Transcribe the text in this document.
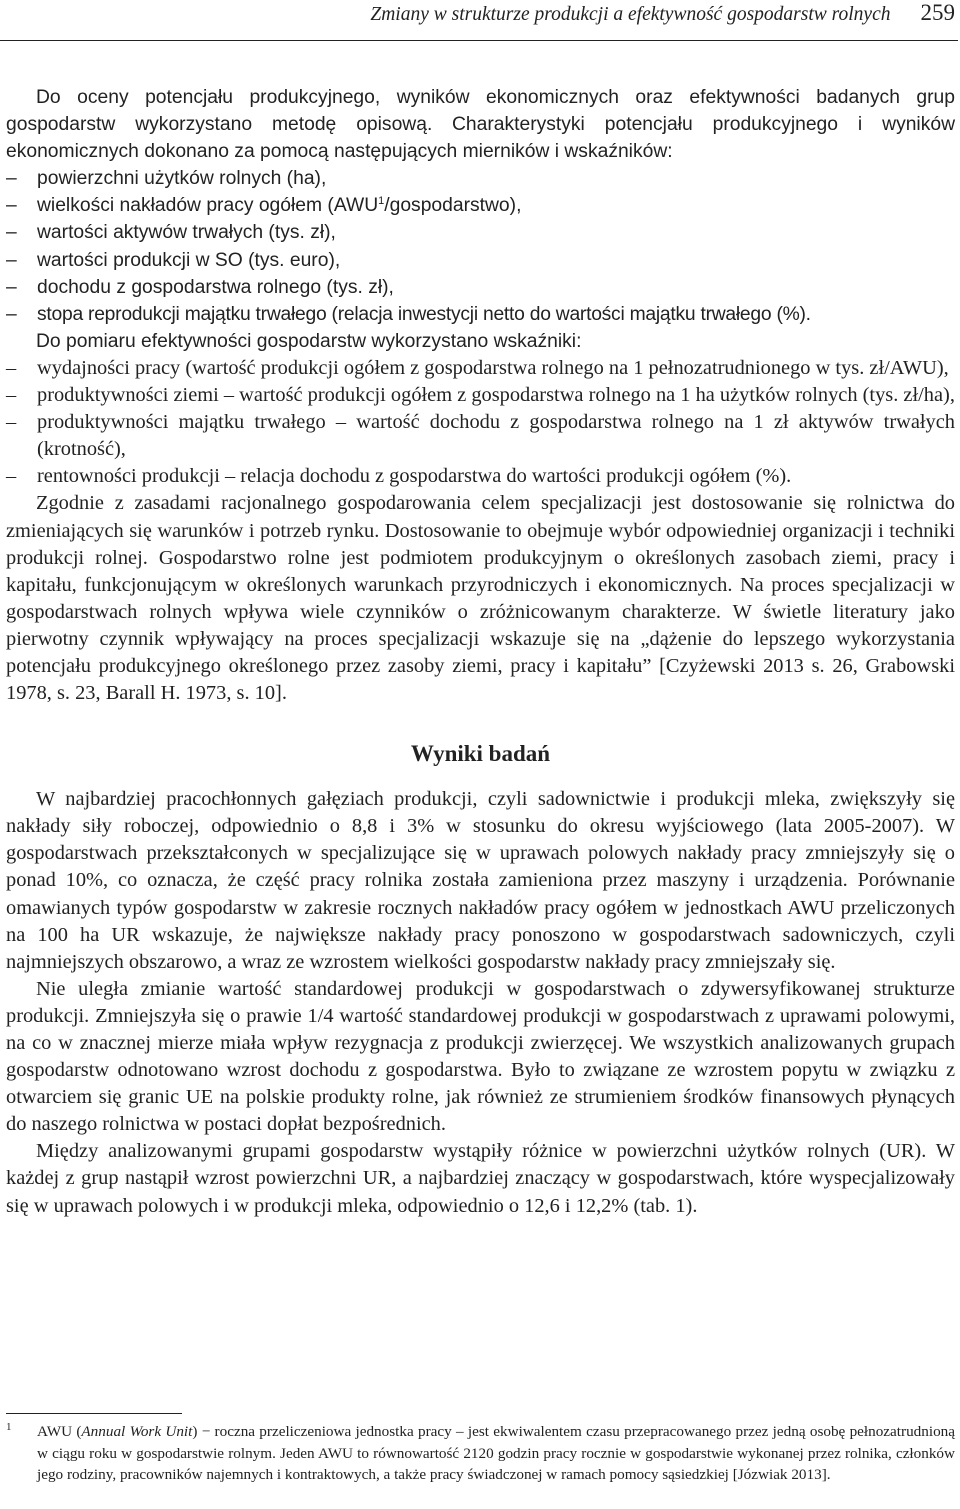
Zmiany w strukturze produkcji a efektywność gospodarstw rolnych 259

Do oceny potencjału produkcyjnego, wyników ekonomicznych oraz efektywności badanych grup gospodarstw wykorzystano metodę opisową. Charakterystyki potencjału produkcyjnego i wyników ekonomicznych dokonano za pomocą następujących mierników i wskaźników:

–	powierzchni użytków rolnych (ha),
–	wielkości nakładów pracy ogółem (AWU$^1$/gospodarstwo),
–	wartości aktywów trwałych (tys. zł),
–	wartości produkcji w SO (tys. euro),
–	dochodu z gospodarstwa rolnego (tys. zł),
–	stopa reprodukcji majątku trwałego (relacja inwestycji netto do wartości majątku trwałego (%).

Do pomiaru efektywności gospodarstw wykorzystano wskaźniki:

–	wydajności pracy (wartość produkcji ogółem z gospodarstwa rolnego na 1 pełnozatrudnionego w tys. zł/AWU),
–	produktywności ziemi – wartość produkcji ogółem z gospodarstwa rolnego na 1 ha użytków rolnych (tys. zł/ha),
–	produktywności majątku trwałego – wartość dochodu z gospodarstwa rolnego na 1 zł aktywów trwałych (krotność),
–	rentowności produkcji – relacja dochodu z gospodarstwa do wartości produkcji ogółem (%).

Zgodnie z zasadami racjonalnego gospodarowania celem specjalizacji jest dostosowanie się rolnictwa do zmieniających się warunków i potrzeb rynku. Dostosowanie to obejmuje wybór odpowiedniej organizacji i techniki produkcji rolnej. Gospodarstwo rolne jest podmiotem produkcyjnym o określonych zasobach ziemi, pracy i kapitału, funkcjonującym w określonych warunkach przyrodniczych i ekonomicznych. Na proces specjalizacji w gospodarstwach rolnych wpływa wiele czynników o zróżnicowanym charakterze. W świetle literatury jako pierwotny czynnik wpływający na proces specjalizacji wskazuje się na „dążenie do lepszego wykorzystania potencjału produkcyjnego określonego przez zasoby ziemi, pracy i kapitału” [Czyżewski 2013 s. 26, Grabowski 1978, s. 23, Barall H. 1973, s. 10].

Wyniki badań

W najbardziej pracochłonnych gałęziach produkcji, czyli sadownictwie i produkcji mleka, zwiększyły się nakłady siły roboczej, odpowiednio o 8,8 i 3% w stosunku do okresu wyjściowego (lata 2005-2007). W gospodarstwach przekształconych w specjalizujące się w uprawach polowych nakłady pracy zmniejszyły się o ponad 10%, co oznacza, że część pracy rolnika została zamieniona przez maszyny i urządzenia. Porównanie omawianych typów gospodarstw w zakresie rocznych nakładów pracy ogółem w jednostkach AWU przeliczonych na 100 ha UR wskazuje, że największe nakłady pracy ponoszono w gospodarstwach sadowniczych, czyli najmniejszych obszarowo, a wraz ze wzrostem wielkości gospodarstw nakłady pracy zmniejszały się.

Nie uległa zmianie wartość standardowej produkcji w gospodarstwach o zdywersyfikowanej strukturze produkcji. Zmniejszyła się o prawie 1/4 wartość standardowej produkcji w gospodarstwach z uprawami polowymi, na co w znacznej mierze miała wpływ rezygnacja z produkcji zwierzęcej. We wszystkich analizowanych grupach gospodarstw odnotowano wzrost dochodu z gospodarstwa. Było to związane ze wzrostem popytu w związku z otwarciem się granic UE na polskie produkty rolne, jak również ze strumieniem środków finansowych płynących do naszego rolnictwa w postaci dopłat bezpośrednich.

Między analizowanymi grupami gospodarstw wystąpiły różnice w powierzchni użytków rolnych (UR). W każdej z grup nastąpił wzrost powierzchni UR, a najbardziej znaczący w gospodarstwach, które wyspecjalizowały się w uprawach polowych i w produkcji mleka, odpowiednio o 12,6 i 12,2% (tab. 1).

1	AWU (Annual Work Unit) − roczna przeliczeniowa jednostka pracy – jest ekwiwalentem czasu przepracowanego przez jedną osobę pełnozatrudnioną w ciągu roku w gospodarstwie rolnym. Jeden AWU to równowartość 2120 godzin pracy rocznie w gospodarstwie wykonanej przez rolnika, członków jego rodziny, pracowników najemnych i kontraktowych, a także pracy świadczonej w ramach pomocy sąsiedzkiej [Józwiak 2013].
